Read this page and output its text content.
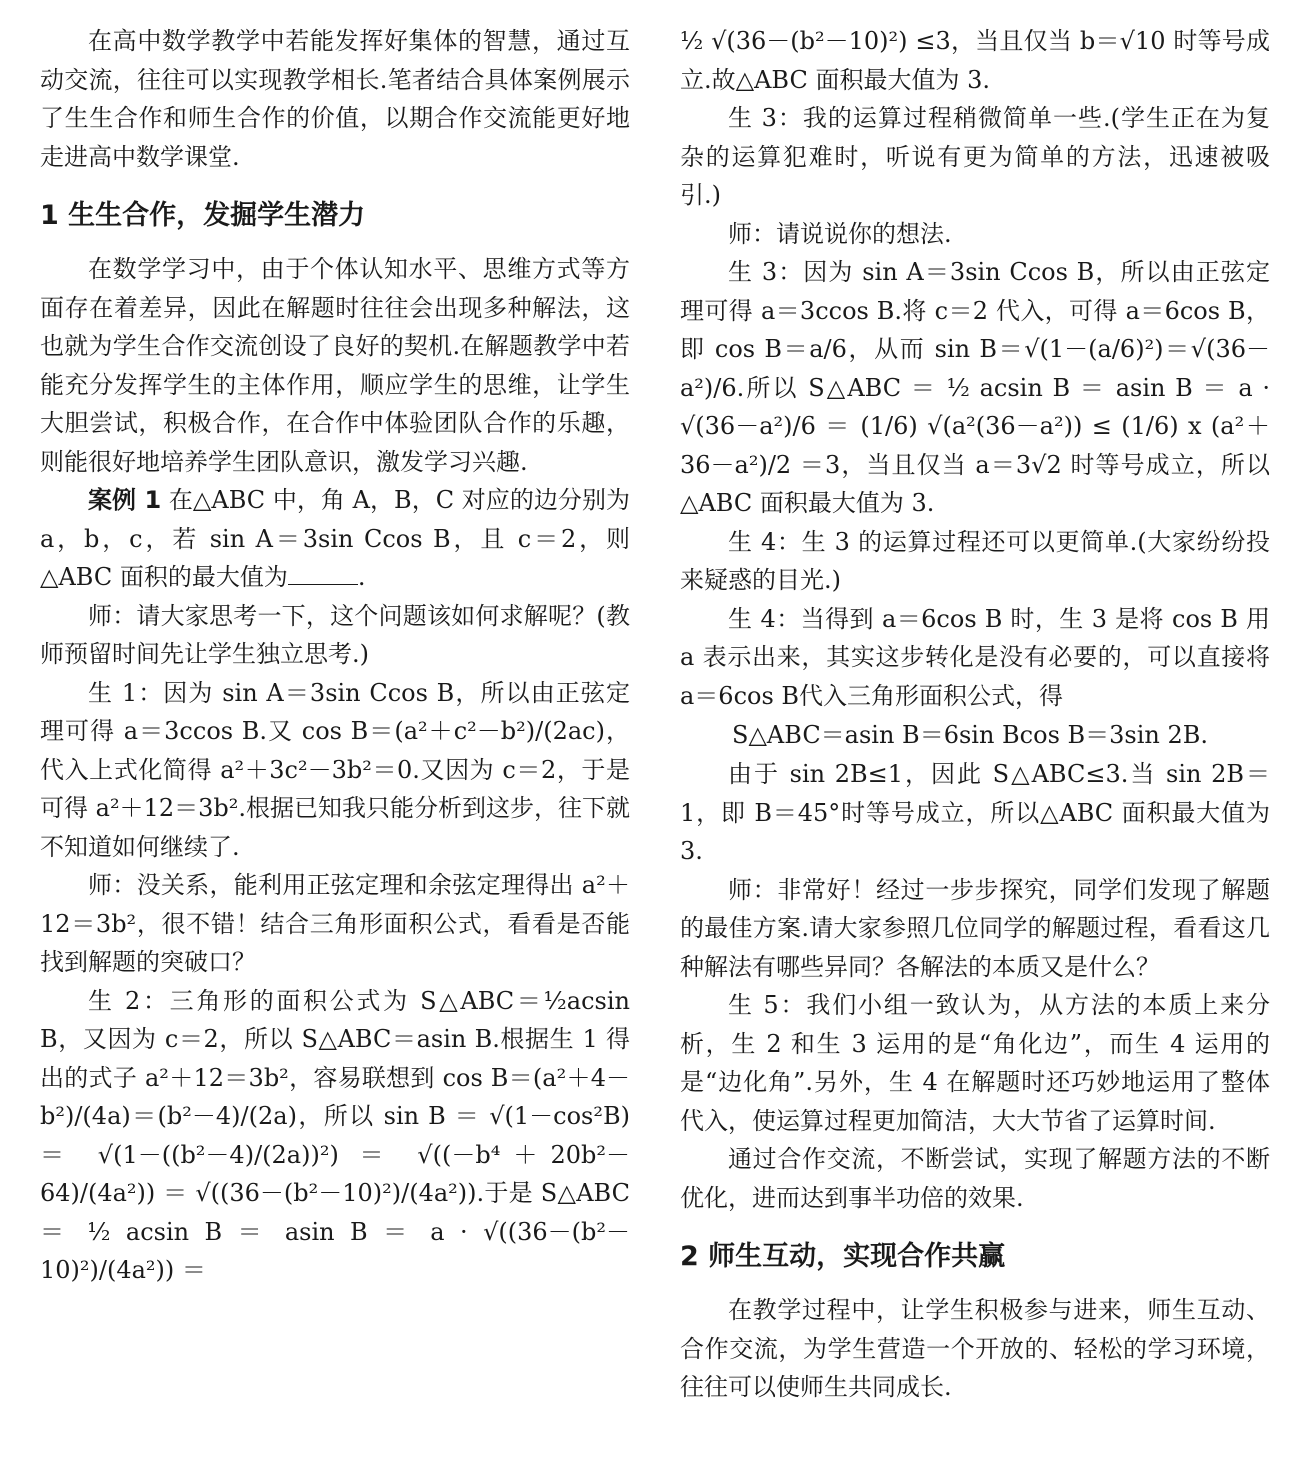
在高中数学教学中若能发挥好集体的智慧，通过互动交流，往往可以实现教学相长.笔者结合具体案例展示了生生合作和师生合作的价值，以期合作交流能更好地走进高中数学课堂.

1 生生合作，发掘学生潜力

在数学学习中，由于个体认知水平、思维方式等方面存在着差异，因此在解题时往往会出现多种解法，这也就为学生合作交流创设了良好的契机.在解题教学中若能充分发挥学生的主体作用，顺应学生的思维，让学生大胆尝试，积极合作，在合作中体验团队合作的乐趣，则能很好地培养学生团队意识，激发学习兴趣.

案例 1 在△ABC 中，角 A，B，C 对应的边分别为 a，b，c，若 sin A＝3sin Ccos B，且 c＝2，则△ABC 面积的最大值为	.

师：请大家思考一下，这个问题该如何求解呢？(教师预留时间先让学生独立思考.)

生 1：因为 sin A＝3sin Ccos B，所以由正弦定理可得 a＝3ccos B.又 cos B＝(a²＋c²－b²)/(2ac)，代入上式化简得 a²＋3c²－3b²＝0.又因为 c＝2，于是可得 a²＋12＝3b².根据已知我只能分析到这步，往下就不知道如何继续了.

师：没关系，能利用正弦定理和余弦定理得出 a²＋12＝3b²，很不错！结合三角形面积公式，看看是否能找到解题的突破口？

生 2：三角形的面积公式为 S△ABC＝½acsin B，又因为 c＝2，所以 S△ABC＝asin B.根据生 1 得出的式子 a²＋12＝3b²，容易联想到 cos B＝(a²＋4－b²)/(4a)＝(b²－4)/(2a)，所以 sin B ＝ √(1－cos²B) ＝ √(1－((b²－4)/(2a))²) ＝ √((－b⁴＋20b²－64)/(4a²)) ＝ √((36－(b²－10)²)/(4a²)).于是 S△ABC ＝ ½ acsin B ＝ asin B ＝ a · √((36－(b²－10)²)/(4a²)) ＝

½ √(36－(b²－10)²) ≤3，当且仅当 b＝√10 时等号成立.故△ABC 面积最大值为 3.

生 3：我的运算过程稍微简单一些.(学生正在为复杂的运算犯难时，听说有更为简单的方法，迅速被吸引.)

师：请说说你的想法.

生 3：因为 sin A＝3sin Ccos B，所以由正弦定理可得 a＝3ccos B.将 c＝2 代入，可得 a＝6cos B，即 cos B＝a/6，从而 sin B＝√(1－(a/6)²)＝√(36－a²)/6.所以 S△ABC ＝ ½ acsin B ＝ asin B ＝ a · √(36－a²)/6 ＝ (1/6) √(a²(36－a²)) ≤ (1/6) x (a²＋36－a²)/2 ＝3，当且仅当 a＝3√2 时等号成立，所以△ABC 面积最大值为 3.

生 4：生 3 的运算过程还可以更简单.(大家纷纷投来疑惑的目光.)

生 4：当得到 a＝6cos B 时，生 3 是将 cos B 用 a 表示出来，其实这步转化是没有必要的，可以直接将 a＝6cos B代入三角形面积公式，得

S△ABC＝asin B＝6sin Bcos B＝3sin 2B.

由于 sin 2B≤1，因此 S△ABC≤3.当 sin 2B＝1，即 B＝45°时等号成立，所以△ABC 面积最大值为 3.

师：非常好！经过一步步探究，同学们发现了解题的最佳方案.请大家参照几位同学的解题过程，看看这几种解法有哪些异同？各解法的本质又是什么？

生 5：我们小组一致认为，从方法的本质上来分析，生 2 和生 3 运用的是“角化边”，而生 4 运用的是“边化角”.另外，生 4 在解题时还巧妙地运用了整体代入，使运算过程更加简洁，大大节省了运算时间.

通过合作交流，不断尝试，实现了解题方法的不断优化，进而达到事半功倍的效果.

2 师生互动，实现合作共赢

在教学过程中，让学生积极参与进来，师生互动、合作交流，为学生营造一个开放的、轻松的学习环境，往往可以使师生共同成长.
